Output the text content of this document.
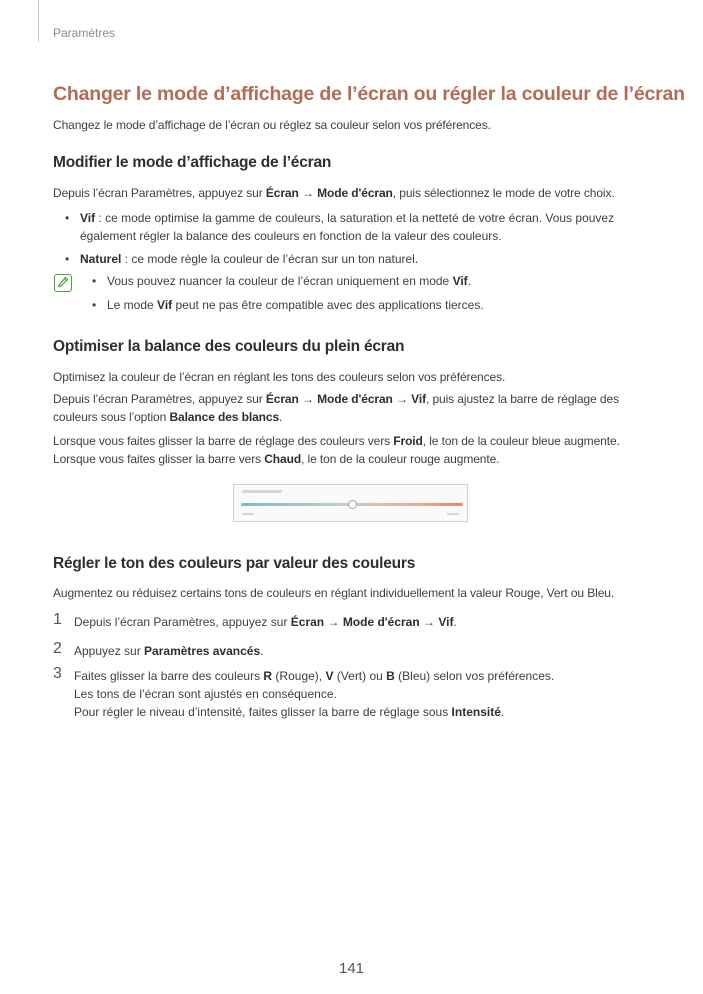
Paramètres
Changer le mode d’affichage de l’écran ou régler la couleur de l’écran
Changez le mode d’affichage de l’écran ou réglez sa couleur selon vos préférences.
Modifier le mode d’affichage de l’écran
Depuis l’écran Paramètres, appuyez sur Écran → Mode d'écran, puis sélectionnez le mode de votre choix.
• Vif : ce mode optimise la gamme de couleurs, la saturation et la netteté de votre écran. Vous pouvez
également régler la balance des couleurs en fonction de la valeur des couleurs.
• Naturel : ce mode règle la couleur de l’écran sur un ton naturel.
• Vous pouvez nuancer la couleur de l’écran uniquement en mode Vif.
• Le mode Vif peut ne pas être compatible avec des applications tierces.
Optimiser la balance des couleurs du plein écran
Optimisez la couleur de l’écran en réglant les tons des couleurs selon vos préférences.
Depuis l’écran Paramètres, appuyez sur Écran → Mode d'écran → Vif, puis ajustez la barre de réglage des
couleurs sous l’option Balance des blancs.
Lorsque vous faites glisser la barre de réglage des couleurs vers Froid, le ton de la couleur bleue augmente.
Lorsque vous faites glisser la barre vers Chaud, le ton de la couleur rouge augmente.
Régler le ton des couleurs par valeur des couleurs
Augmentez ou réduisez certains tons de couleurs en réglant individuellement la valeur Rouge, Vert ou Bleu.
1 Depuis l’écran Paramètres, appuyez sur Écran → Mode d'écran → Vif.
2 Appuyez sur Paramètres avancés.
3 Faites glisser la barre des couleurs R (Rouge), V (Vert) ou B (Bleu) selon vos préférences.
Les tons de l’écran sont ajustés en conséquence.
Pour régler le niveau d’intensité, faites glisser la barre de réglage sous Intensité.
141
